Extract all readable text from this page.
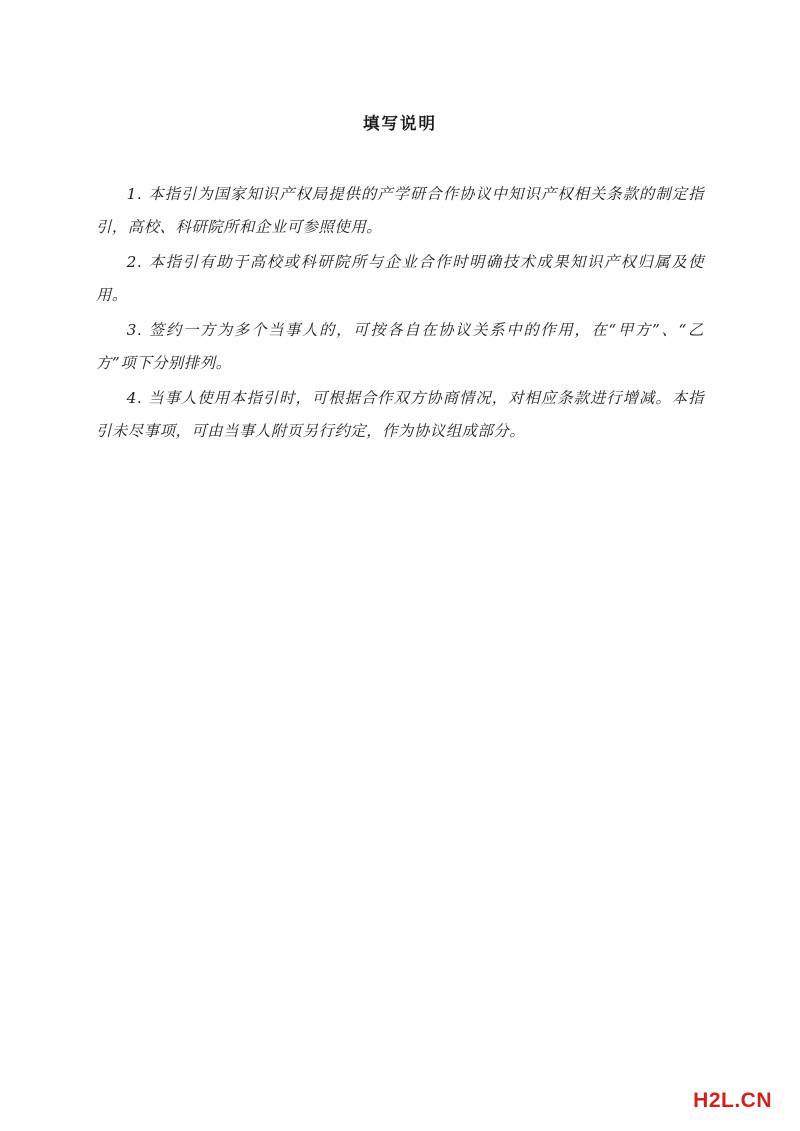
填写说明

1. 本指引为国家知识产权局提供的产学研合作协议中知识产权相关条款的制定指引，高校、科研院所和企业可参照使用。

2. 本指引有助于高校或科研院所与企业合作时明确技术成果知识产权归属及使用。

3. 签约一方为多个当事人的，可按各自在协议关系中的作用，在“甲方”、“乙方”项下分别排列。

4. 当事人使用本指引时，可根据合作双方协商情况，对相应条款进行增减。本指引未尽事项，可由当事人附页另行约定，作为协议组成部分。

H2L.CN
